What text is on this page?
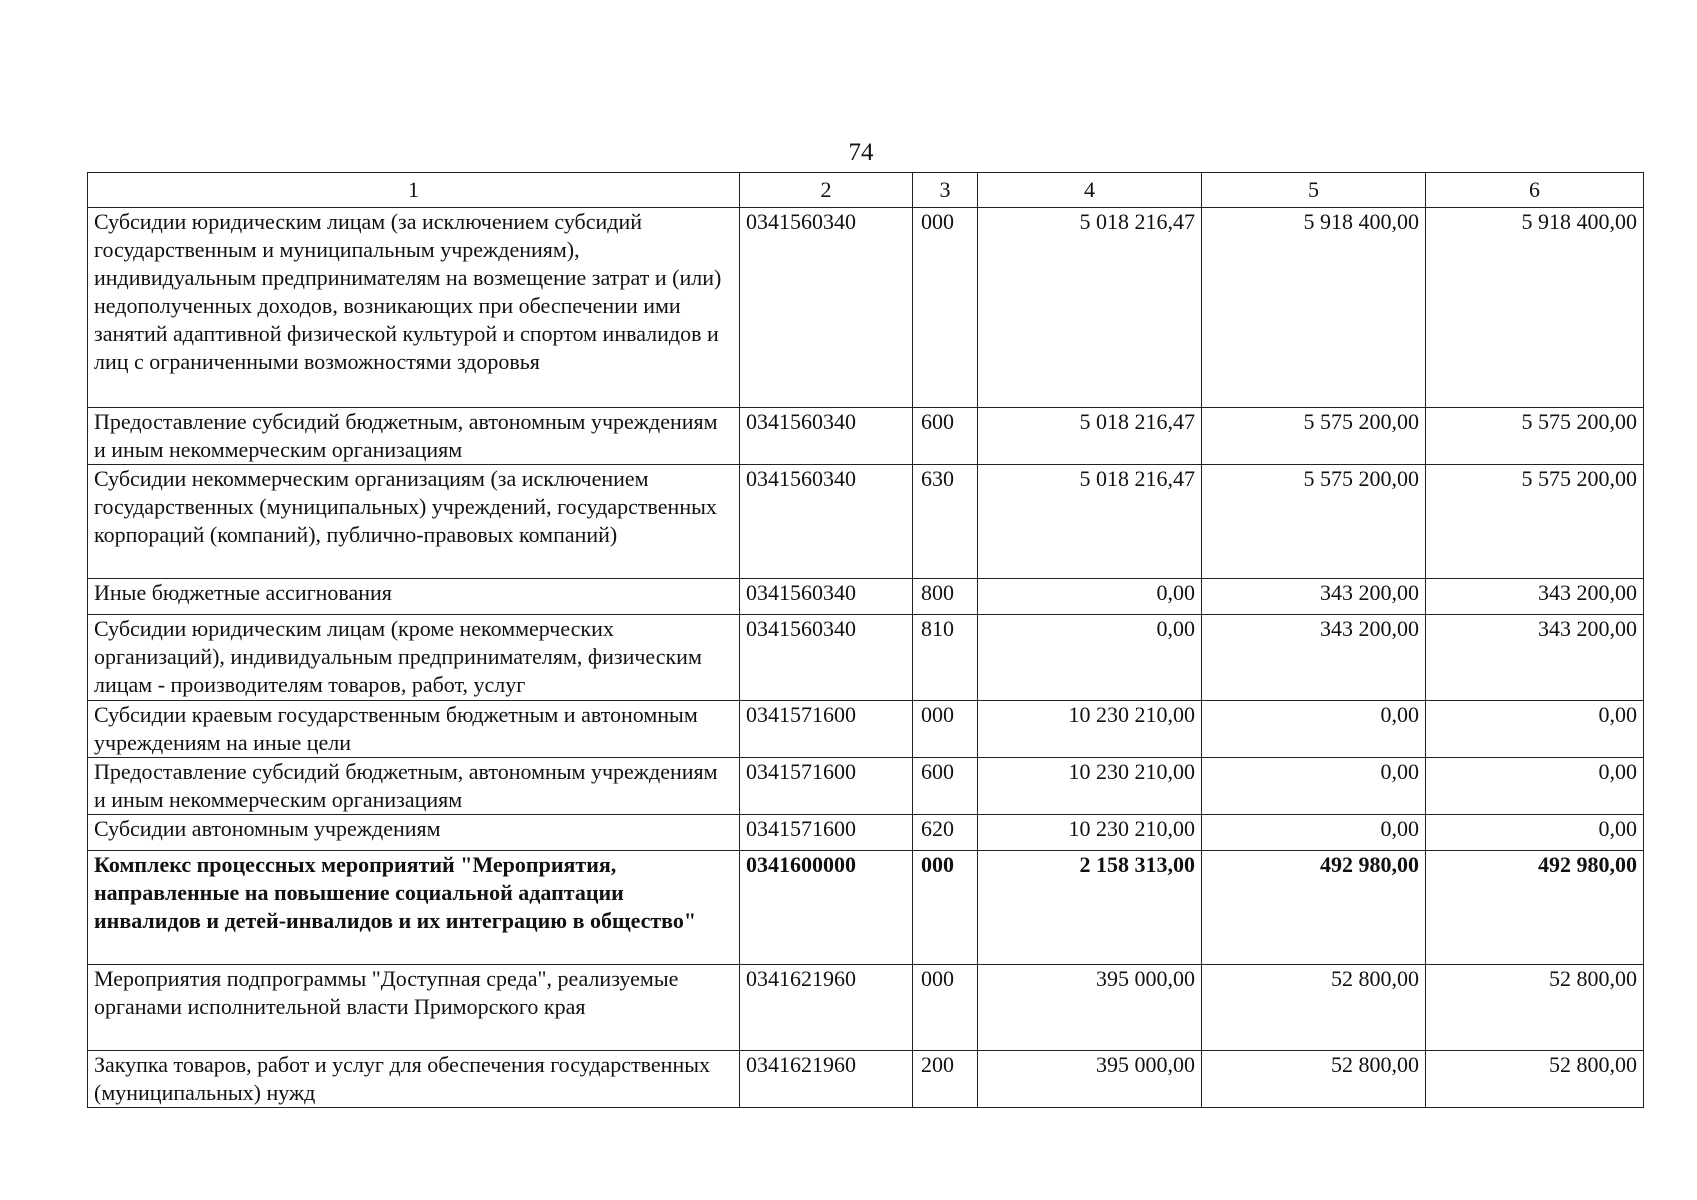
74
1	2	3	4	5	6
Субсидии юридическим лицам (за исключением субсидий государственным и муниципальным учреждениям), индивидуальным предпринимателям на возмещение затрат и (или) недополученных доходов, возникающих при обеспечении ими занятий адаптивной физической культурой и спортом инвалидов и лиц с ограниченными возможностями здоровья	0341560340	000	5 018 216,47	5 918 400,00	5 918 400,00
Предоставление субсидий бюджетным, автономным учреждениям и иным некоммерческим организациям	0341560340	600	5 018 216,47	5 575 200,00	5 575 200,00
Субсидии некоммерческим организациям (за исключением государственных (муниципальных) учреждений, государственных корпораций (компаний), публично-правовых компаний)	0341560340	630	5 018 216,47	5 575 200,00	5 575 200,00
Иные бюджетные ассигнования	0341560340	800	0,00	343 200,00	343 200,00
Субсидии юридическим лицам (кроме некоммерческих организаций), индивидуальным предпринимателям, физическим лицам - производителям товаров, работ, услуг	0341560340	810	0,00	343 200,00	343 200,00
Субсидии краевым государственным бюджетным и автономным учреждениям на иные цели	0341571600	000	10 230 210,00	0,00	0,00
Предоставление субсидий бюджетным, автономным учреждениям и иным некоммерческим организациям	0341571600	600	10 230 210,00	0,00	0,00
Субсидии автономным учреждениям	0341571600	620	10 230 210,00	0,00	0,00
Комплекс процессных мероприятий "Мероприятия, направленные на повышение социальной адаптации инвалидов и детей-инвалидов и их интеграцию в общество"	0341600000	000	2 158 313,00	492 980,00	492 980,00
Мероприятия подпрограммы "Доступная среда", реализуемые органами исполнительной власти Приморского края	0341621960	000	395 000,00	52 800,00	52 800,00
Закупка товаров, работ и услуг для обеспечения государственных (муниципальных) нужд	0341621960	200	395 000,00	52 800,00	52 800,00
